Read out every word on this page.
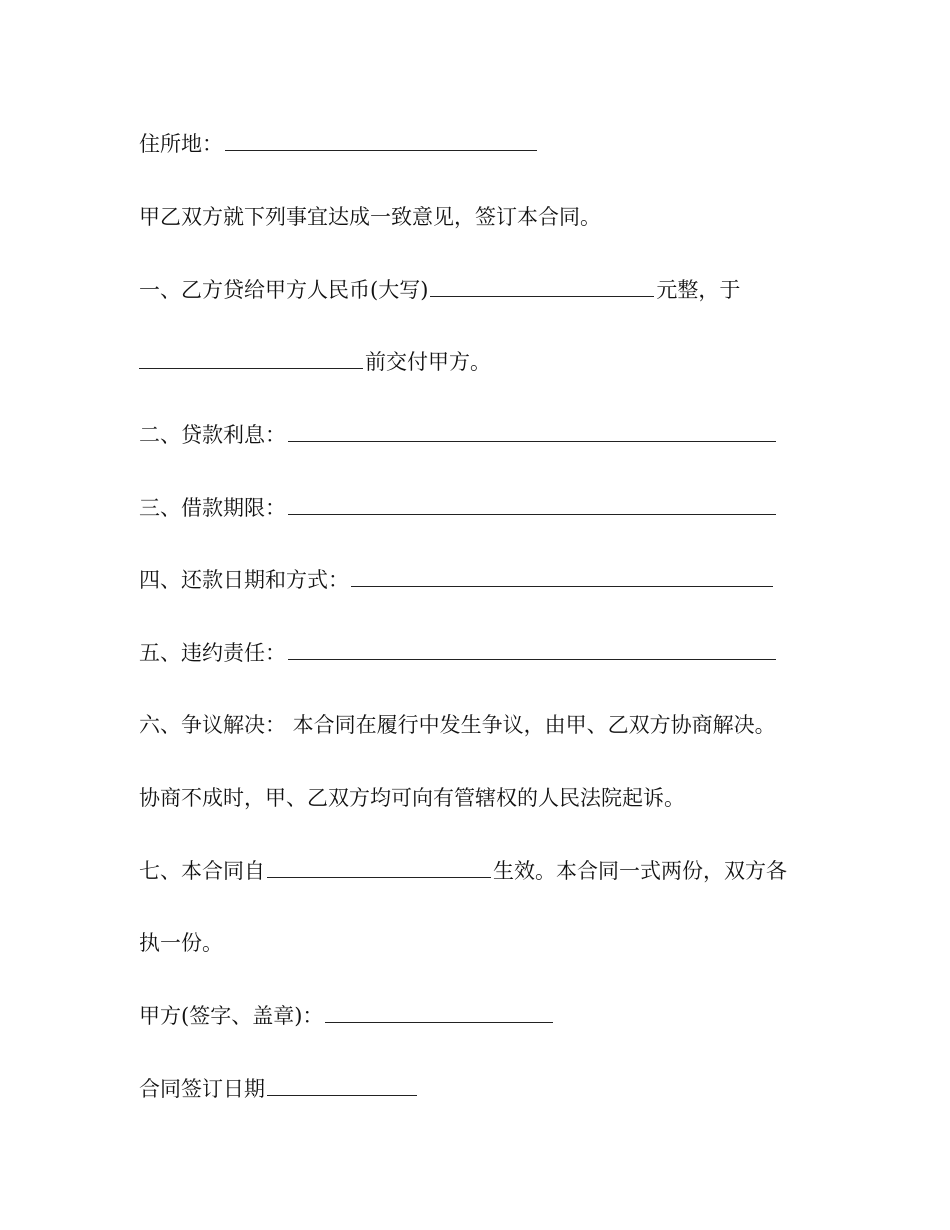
住所地：
甲乙双方就下列事宜达成一致意见，签订本合同。
一、乙方贷给甲方人民币(大写)	元整，于
前交付甲方。
二、贷款利息：
三、借款期限：
四、还款日期和方式：
五、违约责任：
六、争议解决： 本合同在履行中发生争议，由甲、乙双方协商解决。
协商不成时，甲、乙双方均可向有管辖权的人民法院起诉。
七、本合同自	生效。本合同一式两份，双方各
执一份。
甲方(签字、盖章)：
合同签订日期
